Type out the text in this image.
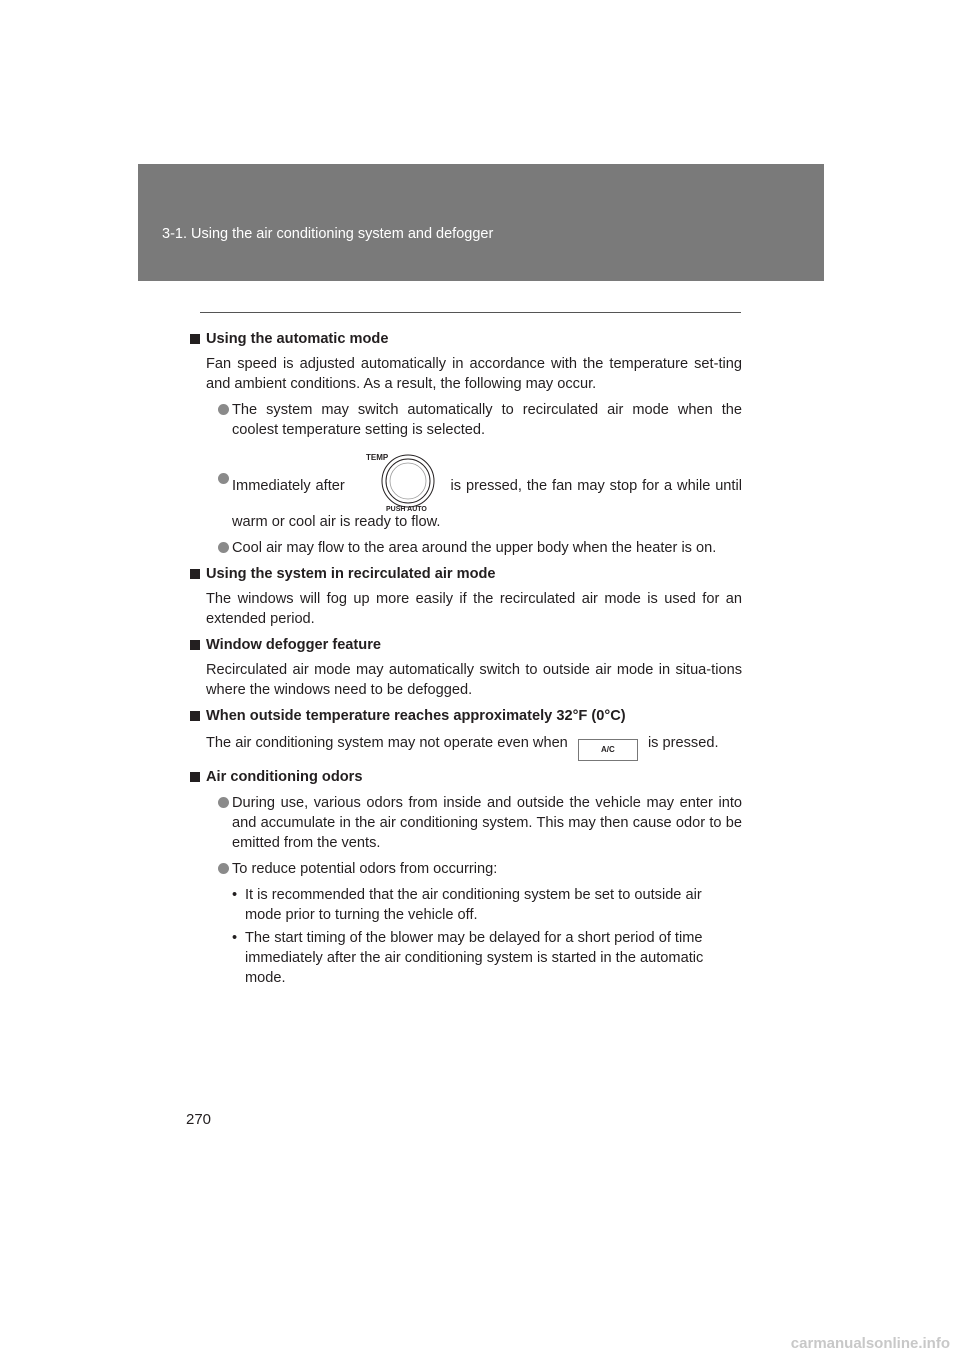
3-1. Using the air conditioning system and defogger
Using the automatic mode
Fan speed is adjusted automatically in accordance with the temperature set-ting and ambient conditions. As a result, the following may occur.
The system may switch automatically to recirculated air mode when the coolest temperature setting is selected.
Immediately after
TEMP
PUSH AUTO
is pressed, the fan may stop for a while until warm or cool air is ready to flow.
Cool air may flow to the area around the upper body when the heater is on.
Using the system in recirculated air mode
The windows will fog up more easily if the recirculated air mode is used for an extended period.
Window defogger feature
Recirculated air mode may automatically switch to outside air mode in situa-tions where the windows need to be defogged.
When outside temperature reaches approximately 32°F (0°C)
The air conditioning system may not operate even when	A/C is pressed.
Air conditioning odors
During use, various odors from inside and outside the vehicle may enter into and accumulate in the air conditioning system. This may then cause odor to be emitted from the vents.
To reduce potential odors from occurring:
• It is recommended that the air conditioning system be set to outside air mode prior to turning the vehicle off.
• The start timing of the blower may be delayed for a short period of time immediately after the air conditioning system is started in the automatic mode.
270
carmanualsonline.info
